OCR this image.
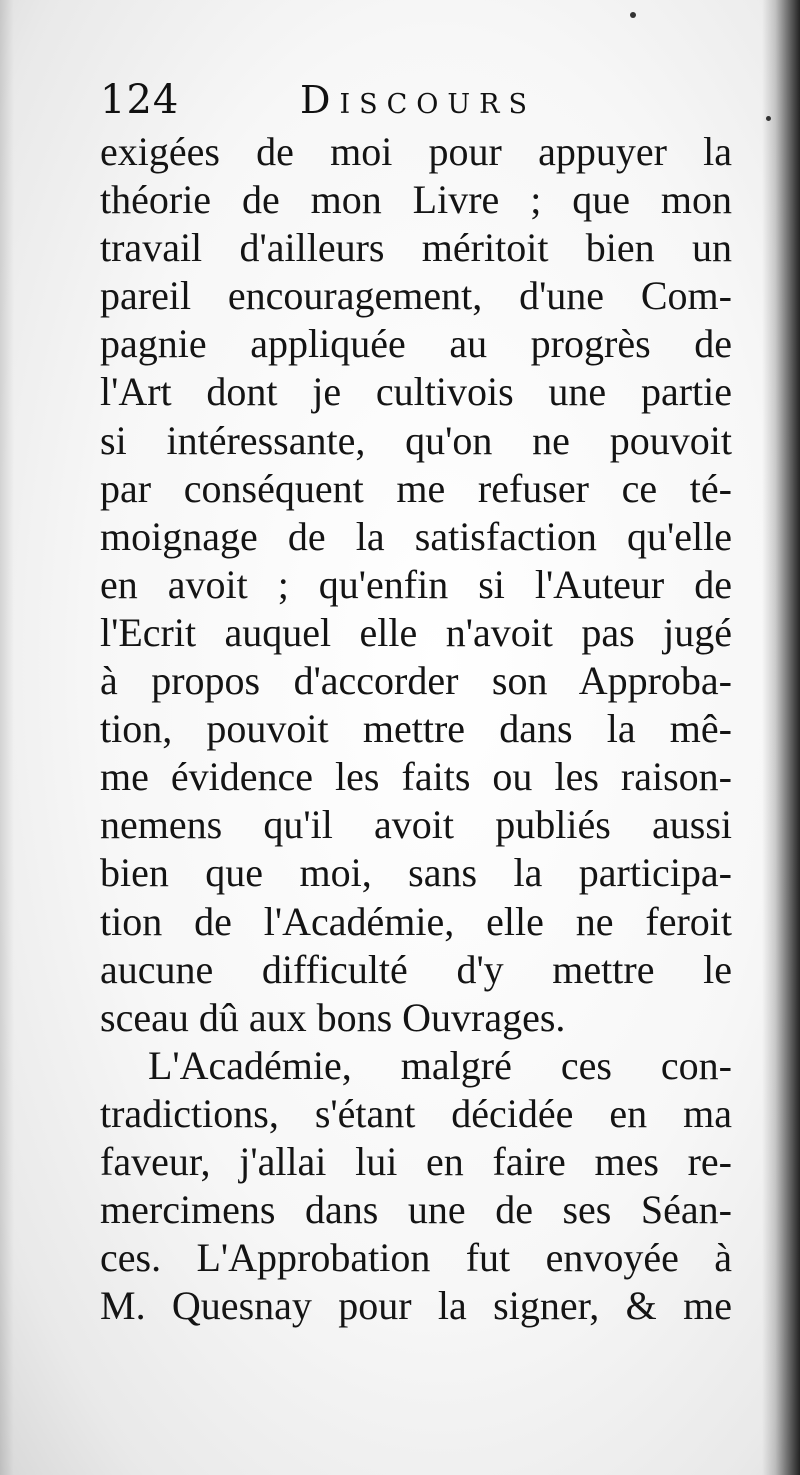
124	Discours
exigées de moi pour appuyer la
théorie de mon Livre ; que mon
travail d'ailleurs méritoit bien un
pareil encouragement, d'une Com-
pagnie appliquée au progrès de
l'Art dont je cultivois une partie
si intéressante, qu'on ne pouvoit
par conséquent me refuser ce té-
moignage de la satisfaction qu'elle
en avoit ; qu'enfin si l'Auteur de
l'Ecrit auquel elle n'avoit pas jugé
à propos d'accorder son Approba-
tion, pouvoit mettre dans la mê-
me évidence les faits ou les raison-
nemens qu'il avoit publiés aussi
bien que moi, sans la participa-
tion de l'Académie, elle ne feroit
aucune difficulté d'y mettre le
sceau dû aux bons Ouvrages.
L'Académie, malgré ces con-
tradictions, s'étant décidée en ma
faveur, j'allai lui en faire mes re-
mercimens dans une de ses Séan-
ces. L'Approbation fut envoyée à
M. Quesnay pour la signer, & me
